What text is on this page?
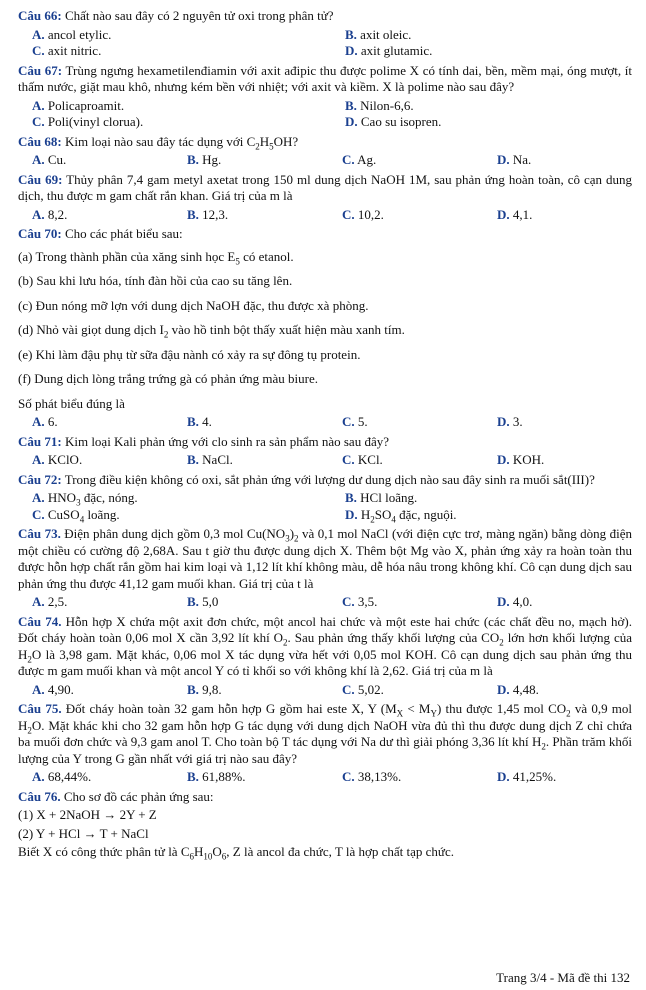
Câu 66: Chất nào sau đây có 2 nguyên tử oxi trong phân tử?
A. ancol etylic.	B. axit oleic.
C. axit nitric.	D. axit glutamic.
Câu 67: Trùng ngưng hexametilenđiamin với axit ađipic thu được polime X có tính dai, bền, mềm mại, óng mượt, ít thấm nước, giặt mau khô, nhưng kém bền với nhiệt; với axit và kiềm. X là polime nào sau đây?
A. Policaproamit.	B. Nilon-6,6.
C. Poli(vinyl clorua).	D. Cao su isopren.
Câu 68: Kim loại nào sau đây tác dụng với $C_2H_5OH$?
A. Cu.	B. Hg.	C. Ag.	D. Na.
Câu 69: Thủy phân 7,4 gam metyl axetat trong 150 ml dung dịch NaOH 1M, sau phản ứng hoàn toàn, cô cạn dung dịch, thu được m gam chất rắn khan. Giá trị của m là
A. 8,2.	B. 12,3.	C. 10,2.	D. 4,1.
Câu 70: Cho các phát biểu sau:
(a) Trong thành phần của xăng sinh học $E_5$ có etanol.
(b) Sau khi lưu hóa, tính đàn hồi của cao su tăng lên.
(c) Đun nóng mỡ lợn với dung dịch NaOH đặc, thu được xà phòng.
(d) Nhỏ vài giọt dung dịch $I_2$ vào hồ tinh bột thấy xuất hiện màu xanh tím.
(e) Khi làm đậu phụ từ sữa đậu nành có xảy ra sự đông tụ protein.
(f) Dung dịch lòng trắng trứng gà có phản ứng màu biure.
Số phát biểu đúng là
A. 6.	B. 4.	C. 5.	D. 3.
Câu 71: Kim loại Kali phản ứng với clo sinh ra sản phẩm nào sau đây?
A. KClO.	B. NaCl.	C. KCl.	D. KOH.
Câu 72: Trong điều kiện không có oxi, sắt phản ứng với lượng dư dung dịch nào sau đây sinh ra muối sắt(III)?
A. $HNO_3$ đặc, nóng.	B. HCl loãng.
C. CuSO$_4$ loãng.	D. $H_2SO_4$ đặc, nguội.
Câu 73. Điện phân dung dịch gồm 0,3 mol $Cu(NO_3)_2$ và 0,1 mol NaCl (với điện cực trơ, màng ngăn) bằng dòng điện một chiều có cường độ 2,68A. Sau t giờ thu được dung dịch X. Thêm bột Mg vào X, phản ứng xảy ra hoàn toàn thu được hỗn hợp chất rắn gồm hai kim loại và 1,12 lít khí không màu, dễ hóa nâu trong không khí. Cô cạn dung dịch sau phản ứng thu được 41,12 gam muối khan. Giá trị của t là
A. 2,5.	B. 5,0	C. 3,5.	D. 4,0.
Câu 74. Hỗn hợp X chứa một axit đơn chức, một ancol hai chức và một este hai chức (các chất đều no, mạch hở). Đốt cháy hoàn toàn 0,06 mol X cần 3,92 lít khí $O_2$. Sau phản ứng thấy khối lượng của $CO_2$ lớn hơn khối lượng của $H_2O$ là 3,98 gam. Mặt khác, 0,06 mol X tác dụng vừa hết với 0,05 mol KOH. Cô cạn dung dịch sau phản ứng thu được m gam muối khan và một ancol Y có tỉ khối so với không khí là 2,62. Giá trị của m là
A. 4,90.	B. 9,8.	C. 5,02.	D. 4,48.
Câu 75. Đốt cháy hoàn toàn 32 gam hỗn hợp G gồm hai este X, Y $(M_X < M_Y)$ thu được 1,45 mol $CO_2$ và 0,9 mol $H_2O$. Mặt khác khi cho 32 gam hỗn hợp G tác dụng với dung dịch NaOH vừa đủ thì thu được dung dịch Z chỉ chứa ba muối đơn chức và 9,3 gam anol T. Cho toàn bộ T tác dụng với Na dư thì giải phóng 3,36 lít khí $H_2$. Phần trăm khối lượng của Y trong G gần nhất với giá trị nào sau đây?
A. 68,44%.	B. 61,88%.	C. 38,13%.	D. 41,25%.
Câu 76. Cho sơ đồ các phản ứng sau:
(1) X + 2NaOH → 2Y + Z
(2) Y + HCl → T + NaCl
Biết X có công thức phân tử là $C_6H_{10}O_6$, Z là ancol đa chức, T là hợp chất tạp chức.
Trang 3/4 - Mã đề thi 132
